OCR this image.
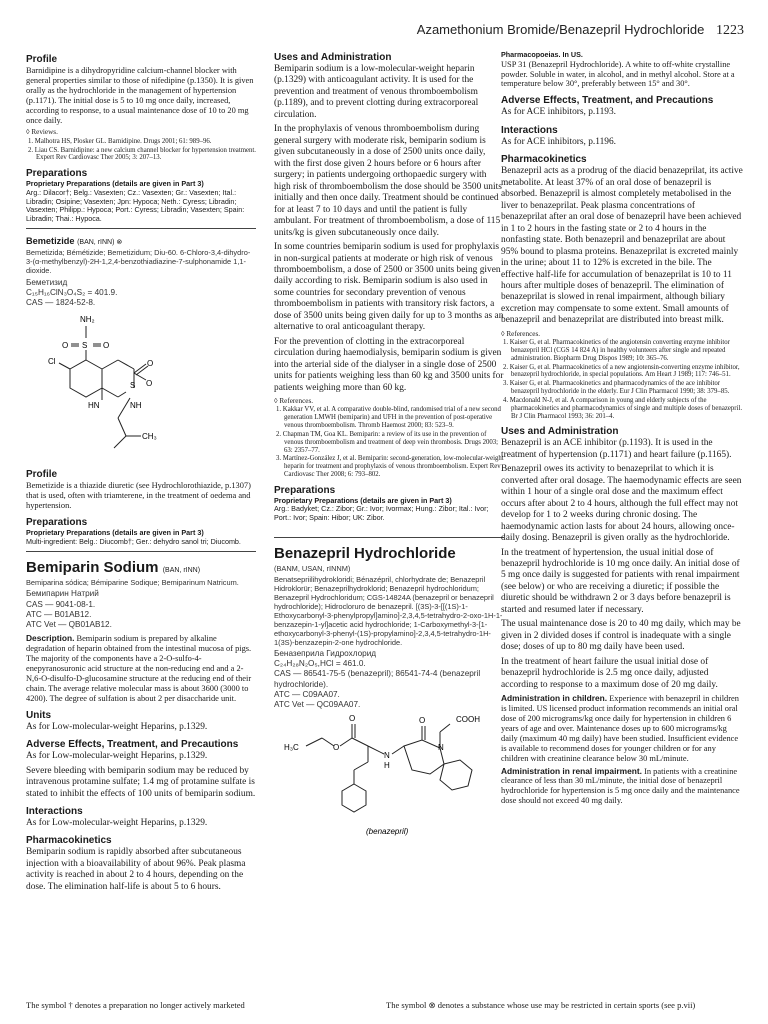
Azamethonium Bromide/Benazepril Hydrochloride 1223
Profile

Barnidipine is a dihydropyridine calcium-channel blocker with general properties similar to those of nifedipine (p.1350). It is given orally as the hydrochloride in the management of hypertension (p.1171). The initial dose is 5 to 10 mg once daily, increased, according to response, to a usual maintenance dose of 10 to 20 mg once daily.

◊ Reviews.

1. Malhotra HS, Plosker GL. Barnidipine. Drugs 2001; 61: 989–96.

2. Liau CS. Barnidipine: a new calcium channel blocker for hypertension treatment. Expert Rev Cardiovasc Ther 2005; 3: 207–13.

Preparations
Proprietary Preparations (details are given in Part 3)
Arg.: Dilacor†; Belg.: Vasexten; Cz.: Vasexten; Gr.: Vasexten; Ital.: Libradin; Osipine; Vasexten; Jpn: Hypoca; Neth.: Cyress; Libradin; Vasexten; Philipp.: Hypoca; Port.: Cyress; Libradin; Vasexten; Spain: Libradin; Thai.: Hypoca.
Bemetizide (BAN, rINN) ⊗
Bemetizida; Bémétizide; Bemetizidum; Diu-60. 6-Chloro-3,4-dihydro-3-(α-methylbenzyl)-2H-1,2,4-benzothiadiazine-7-sulphonamide 1,1-dioxide.
Беметизид
C₁₅H₁₆ClN₃O₄S₂ = 401.9.
CAS — 1824-52-8.
NH₂
O S O
Cl
S
O
O
HN	NH
CH₃
Profile

Bemetizide is a thiazide diuretic (see Hydrochlorothiazide, p.1307) that is used, often with triamterene, in the treatment of oedema and hypertension.

Preparations
Proprietary Preparations (details are given in Part 3)
Multi-ingredient: Belg.: Diucomb†; Ger.: dehydro sanol tri; Diucomb.
Bemiparin Sodium (BAN, rINN)
Bemiparina sódica; Bémiparine Sodique; Bemiparinum Natricum.
Бемипарин Натрий
CAS — 9041-08-1.
ATC — B01AB12.
ATC Vet — QB01AB12.

Description. Bemiparin sodium is prepared by alkaline degradation of heparin obtained from the intestinal mucosa of pigs. The majority of the components have a 2-O-sulfo-4-enepyranosuronic acid structure at the non-reducing end and a 2-N,6-O-disulfo-D-glucosamine structure at the reducing end of their chain. The average relative molecular mass is about 3600 (3000 to 4200). The degree of sulfation is about 2 per disaccharide unit.

Units

As for Low-molecular-weight Heparins, p.1329.

Adverse Effects, Treatment, and Precautions

As for Low-molecular-weight Heparins, p.1329.

Severe bleeding with bemiparin sodium may be reduced by intravenous protamine sulfate; 1.4 mg of protamine sulfate is stated to inhibit the effects of 100 units of bemiparin sodium.

Interactions

As for Low-molecular-weight Heparins, p.1329.

Pharmacokinetics

Bemiparin sodium is rapidly absorbed after subcutaneous injection with a bioavailability of about 96%. Peak plasma activity is reached in about 2 to 4 hours, depending on the dose. The elimination half-life is about 5 to 6 hours.

Uses and Administration

Bemiparin sodium is a low-molecular-weight heparin (p.1329) with anticoagulant activity. It is used for the prevention and treatment of venous thromboembolism (p.1189), and to prevent clotting during extracorporeal circulation.

In the prophylaxis of venous thromboembolism during general surgery with moderate risk, bemiparin sodium is given subcutaneously in a dose of 2500 units once daily, with the first dose given 2 hours before or 6 hours after surgery; in patients undergoing orthopaedic surgery with high risk of thromboembolism the dose should be 3500 units initially and then once daily. Treatment should be continued for at least 7 to 10 days and until the patient is fully ambulant. For treatment of thromboembolism, a dose of 115 units/kg is given subcutaneously once daily.

In some countries bemiparin sodium is used for prophylaxis in non-surgical patients at moderate or high risk of venous thromboembolism, a dose of 2500 or 3500 units being given daily according to risk. Bemiparin sodium is also used in some countries for secondary prevention of venous thromboembolism in patients with transitory risk factors, a dose of 3500 units being given daily for up to 3 months as an alternative to oral anticoagulant therapy.

For the prevention of clotting in the extracorporeal circulation during haemodialysis, bemiparin sodium is given into the arterial side of the dialyser in a single dose of 2500 units for patients weighing less than 60 kg and 3500 units for patients weighing more than 60 kg.

◊ References.

1. Kakkar VV, et al. A comparative double-blind, randomised trial of a new second generation LMWH (bemiparin) and UFH in the prevention of post-operative venous thromboembolism. Thromb Haemost 2000; 83: 523–9.

2. Chapman TM, Goa KL. Bemiparin: a review of its use in the prevention of venous thromboembolism and treatment of deep vein thrombosis. Drugs 2003; 63: 2357–77.

3. Martínez-González J, et al. Bemiparin: second-generation, low-molecular-weight heparin for treatment and prophylaxis of venous thromboembolism. Expert Rev Cardiovasc Ther 2008; 6: 793–802.

Preparations
Proprietary Preparations (details are given in Part 3)
Arg.: Badyket; Cz.: Zibor; Gr.: Ivor; Ivormax; Hung.: Zibor; Ital.: Ivor; Port.: Ivor; Spain: Hibor; UK: Zibor.
Benazepril Hydrochloride
(BANM, USAN, rINNM)
Benatsepriilihydrokloridi; Bénazépril, chlorhydrate de; Benazepril Hidroklorür; Benazeprilhydroklorid; Benazepril hydrochloridum; Benazepril Hydrochloridum; CGS-14824A (benazepril or benazepril hydrochloride); Hidrocloruro de benazepril. [(3S)-3-[[(1S)-1-Ethoxycarbonyl-3-phenylpropyl]amino]-2,3,4,5-tetrahydro-2-oxo-1H-1-benzazepin-1-yl]acetic acid hydrochloride; 1-Carboxymethyl-3-[1-ethoxycarbonyl-3-phenyl-(1S)-propylamino]-2,3,4,5-tetrahydro-1H-1(3S)-benzazepin-2-one hydrochloride.
Беназеприла Гидрохлорид
C₂₄H₂₈N₂O₅,HCl = 461.0.
CAS — 86541-75-5 (benazepril); 86541-74-4 (benazepril hydrochloride).
ATC — C09AA07.
ATC Vet — QC09AA07.
COOH
H₃C	O
O	O
N
N
H
(benazepril)
Pharmacopoeias. In US.

USP 31 (Benazepril Hydrochloride). A white to off-white crystalline powder. Soluble in water, in alcohol, and in methyl alcohol. Store at a temperature below 30°, preferably between 15° and 30°.

Adverse Effects, Treatment, and Precautions

As for ACE inhibitors, p.1193.

Interactions

As for ACE inhibitors, p.1196.

Pharmacokinetics

Benazepril acts as a prodrug of the diacid benazeprilat, its active metabolite. At least 37% of an oral dose of benazepril is absorbed. Benazepril is almost completely metabolised in the liver to benazeprilat. Peak plasma concentrations of benazeprilat after an oral dose of benazepril have been achieved in 1 to 2 hours in the fasting state or 2 to 4 hours in the nonfasting state. Both benazepril and benazeprilat are about 95% bound to plasma proteins. Benazeprilat is excreted mainly in the urine; about 11 to 12% is excreted in the bile. The effective half-life for accumulation of benazeprilat is 10 to 11 hours after multiple doses of benazepril. The elimination of benazeprilat is slowed in renal impairment, although biliary excretion may compensate to some extent. Small amounts of benazepril and benazeprilat are distributed into breast milk.

◊ References.

1. Kaiser G, et al. Pharmacokinetics of the angiotensin converting enzyme inhibitor benazepril HCl (CGS 14 824 A) in healthy volunteers after single and repeated administration. Biopharm Drug Dispos 1989; 10: 365–76.

2. Kaiser G, et al. Pharmacokinetics of a new angiotensin-converting enzyme inhibitor, benazepril hydrochloride, in special populations. Am Heart J 1989; 117: 746–51.

3. Kaiser G, et al. Pharmacokinetics and pharmacodynamics of the ace inhibitor benazepril hydrochloride in the elderly. Eur J Clin Pharmacol 1990; 38: 379–85.

4. Macdonald N-J, et al. A comparison in young and elderly subjects of the pharmacokinetics and pharmacodynamics of single and multiple doses of benazepril. Br J Clin Pharmacol 1993; 36: 201–4.

Uses and Administration

Benazepril is an ACE inhibitor (p.1193). It is used in the treatment of hypertension (p.1171) and heart failure (p.1165).

Benazepril owes its activity to benazeprilat to which it is converted after oral dosage. The haemodynamic effects are seen within 1 hour of a single oral dose and the maximum effect occurs after about 2 to 4 hours, although the full effect may not develop for 1 to 2 weeks during chronic dosing. The haemodynamic action lasts for about 24 hours, allowing once-daily dosing. Benazepril is given orally as the hydrochloride.

In the treatment of hypertension, the usual initial dose of benazepril hydrochloride is 10 mg once daily. An initial dose of 5 mg once daily is suggested for patients with renal impairment (see below) or who are receiving a diuretic; if possible the diuretic should be withdrawn 2 or 3 days before benazepril is started and resumed later if necessary.

The usual maintenance dose is 20 to 40 mg daily, which may be given in 2 divided doses if control is inadequate with a single dose; doses of up to 80 mg daily have been used.

In the treatment of heart failure the usual initial dose of benazepril hydrochloride is 2.5 mg once daily, adjusted according to response to a maximum dose of 20 mg daily.

Administration in children. Experience with benazepril in children is limited. US licensed product information recommends an initial oral dose of 200 micrograms/kg once daily for hypertension in children 6 years of age and over. Maintenance doses up to 600 micrograms/kg daily (maximum 40 mg daily) have been studied. Insufficient evidence is available to recommend doses for younger children or for any children with creatinine clearance below 30 mL/minute.

Administration in renal impairment. In patients with a creatinine clearance of less than 30 mL/minute, the initial dose of benazepril hydrochloride for hypertension is 5 mg once daily and the maintenance dose should not exceed 40 mg daily.

The symbol † denotes a preparation no longer actively marketed	The symbol ⊗ denotes a substance whose use may be restricted in certain sports (see p.vii)
